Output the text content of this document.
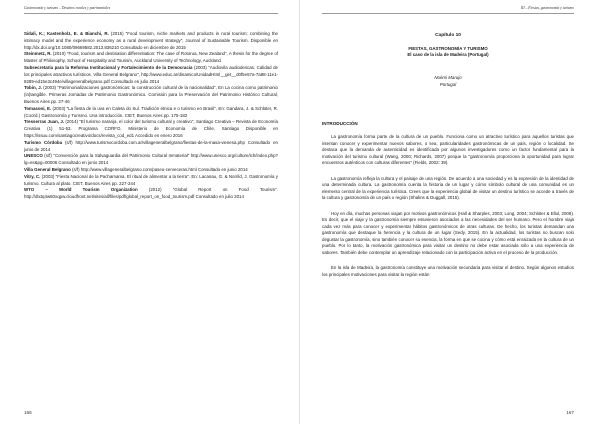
Gastronomía y turismo – Destinos rurales y patrimoniales

Sidali, K.; Kastenholz, E. & Bianchi, R. (2015) "Food tourism, niche markets and products in rural tourism: combining the intimacy model and the experience economy as a rural development strategy", Journal of Sustainable Tourism. Disponible en http://dx.doi.org/10.1080/09669582.2013.836210 Consultado en diciembre de 2015

Steinmetz, R. (2010) "Food, tourism and destination differentiation: The case of Rotorua, New Zealand", A thesis for the degree of Master of Philosophy, School of Hospitality and Tourism, Auckland University of Technology, Auckland

Subsecretaría para la Reforma Institucional y Fortalecimiento de la Democracia (2003) "Audiovila audiodescas. Calidad de los principales atractivos turísticos. Villa General Belgrano", http://www.educ.ar/dinamico/UnidadHtml__get__d0f5e57a-7a88-11e1-8289-ed15e3c494e/villageneralbelgrano.pdf Consultado en julio 2014

Tobin, J. (2003) "Patrimonializaciones gastronómicas: la construcción cultural de la nacionalidad", En La cocina como patrimonio (in)tangible. Primeras Jornadas de Patrimonio Gastronómico. Comisión para la Preservación del Patrimonio Histórico Cultural, Buenos Aires pp. 27-46

Tomasoni, E. (2003) "La fiesta de la uva en Caleta do Sul. Tradición étnica e o turismo en Brasil", En: Gandara, J. & Schlüter, R. (Coord.) Gastronomía y Turismo. Una introducción. CIET, Buenos Aires pp. 175-182

Tresserras Juan, J. (2014) "El turismo naranja, el color del turismo cultural y creativo", Santiago Creativa – Revista de Economía Creativa (1) 51-53. Programa CORFO, Ministerio de Economía de Chile, Santiago Disponible en https://issuu.com/santiagocreativo/docs/revista_cod_ed1 Accedido en enero 2016

Turismo Córdoba (s/f) http://www.turismocordoba.com.ar/villageneralbelgrano/fiestas-de-la-masa-vienesa.php Consultado en junio de 2014

UNESCO (s/f) "Convención para la Salvaguardia del Patrimonio Cultural Inmaterial" http://www.unesco.org/culture/ich/index.php?lg=es&pg=00006 Consultado en junio 2014

Villa General Belgrano (s/f) http://www.villageneralbelgrano.com/paseo-cerveceras.html Consultado en junio 2014

Vitry, C. (2003) "Fiesta Nacional de la Pachamama. El ritual de alimentar a la tierra". En: Lacanau, G. & Norrild, J. Gastronomía y turismo. Cultura al plato. CIET, Buenos Aires pp. 227-244

WTO – World Tourism Organization (2012) "Global Report on Food Tourism". http://dtxtq4w60xqpw.cloudfront.net/sites/all/files/pdf/global_report_on_food_tourism.pdf Consultado en julio 2014

166
III – Fiestas, gastronomía y turismo
Capítulo 10
FIESTAS, GASTRONOMÍA Y TURISMO
El caso de la isla de Madeira (Portugal)
Noémi Marujo
Portugal
INTRODUCCIÓN

La gastronomía forma parte de la cultura de un pueblo. Funciona como un atractivo turístico para aquellos turistas que intentan conocer y experimentar nuevos sabores, o sea, particularidades gastronómicas de un país, región o localidad. Se destaca que la demanda de autenticidad es identificada por algunos investigadores como un factor fundamental para la motivación del turismo cultural (Wang, 2000; Richards, 2007) porque la "gastronomía proporciona la oportunidad para lograr encuentros auténticos con culturas diferentes" (Fields, 2002: 39).

La gastronomía refleja la cultura y el paisaje de una región. De acuerdo a una sociedad y es la expresión de la identidad de una determinada cultura. La gastronomía cuenta la historia de un lugar y cómo símbolo cultural de una comunidad es un elemento central de la experiencia turística. Crees que la experiencia global de visitar un destino turístico se accede a través de la cultura y gastronomía de un país o región (Shalins & Duggall, 2015).

Hoy en día, muchas personas viajan por motivos gastronómicos (Hall & Sharples, 2003; Long, 2004; Schlüter & Ellul, 2008). Es decir, que el viaje y la gastronomía siempre estuvieron asociados a las necesidades del ser humano. Pero el hombre viaja cada vez más para conocer y experimentar hábitos gastronómicos de otras culturas. De hecho, los turistas demandan una gastronomía que destaque la herencia y la cultura de un lugar (Sedy, 2015). En la actualidad, los turistas no buscan solo degustar la gastronomía, sino también conocer su esencia, la forma en que se cocina y cómo está enraizada en la cultura de un pueblo. Por lo tanto, la motivación gastronómica para visitar un destino no debe estar asociada sólo a una experiencia de sabores. También debe contemplar un aprendizaje relacionado con la participación activa en el proceso de la producción.

En la isla de Madeira, la gastronomía constituye una motivación secundaria para visitar el destino. Según algunos estudios los principales motivaciones para visitar la región están

167
